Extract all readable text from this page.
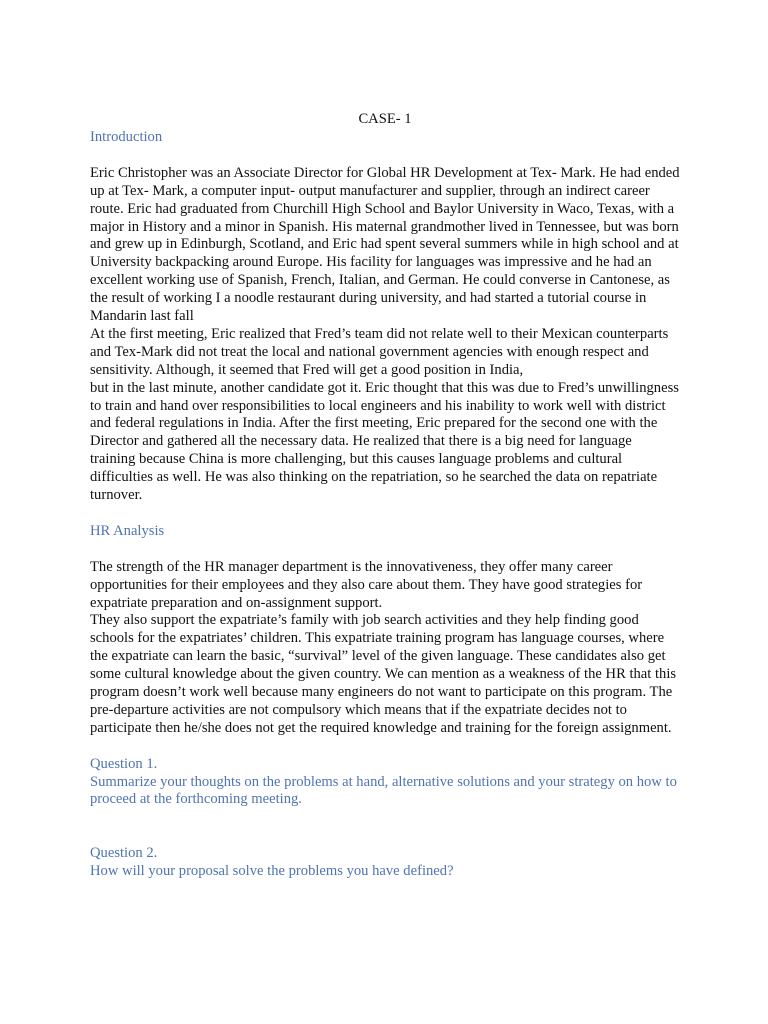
CASE- 1

Introduction

Eric Christopher was an Associate Director for Global HR Development at Tex- Mark. He had ended up at Tex- Mark, a computer input- output manufacturer and supplier, through an indirect career route. Eric had graduated from Churchill High School and Baylor University in Waco, Texas, with a major in History and a minor in Spanish. His maternal grandmother lived in Tennessee, but was born and grew up in Edinburgh, Scotland, and Eric had spent several summers while in high school and at University backpacking around Europe. His facility for languages was impressive and he had an excellent working use of Spanish, French, Italian, and German. He could converse in Cantonese, as the result of working I a noodle restaurant during university, and had started a tutorial course in Mandarin last fall

At the first meeting, Eric realized that Fred’s team did not relate well to their Mexican counterparts and Tex-Mark did not treat the local and national government agencies with enough respect and sensitivity. Although, it seemed that Fred will get a good position in India,

but in the last minute, another candidate got it. Eric thought that this was due to Fred’s unwillingness to train and hand over responsibilities to local engineers and his inability to work well with district and federal regulations in India. After the first meeting, Eric prepared for the second one with the Director and gathered all the necessary data. He realized that there is a big need for language training because China is more challenging, but this causes language problems and cultural difficulties as well. He was also thinking on the repatriation, so he searched the data on repatriate turnover.

HR Analysis

The strength of the HR manager department is the innovativeness, they offer many career opportunities for their employees and they also care about them. They have good strategies for expatriate preparation and on-assignment support.

They also support the expatriate’s family with job search activities and they help finding good schools for the expatriates’ children. This expatriate training program has language courses, where the expatriate can learn the basic, “survival” level of the given language. These candidates also get some cultural knowledge about the given country. We can mention as a weakness of the HR that this program doesn’t work well because many engineers do not want to participate on this program. The pre-departure activities are not compulsory which means that if the expatriate decides not to participate then he/she does not get the required knowledge and training for the foreign assignment.

Question 1.

Summarize your thoughts on the problems at hand, alternative solutions and your strategy on how to proceed at the forthcoming meeting.

Question 2.

How will your proposal solve the problems you have defined?
